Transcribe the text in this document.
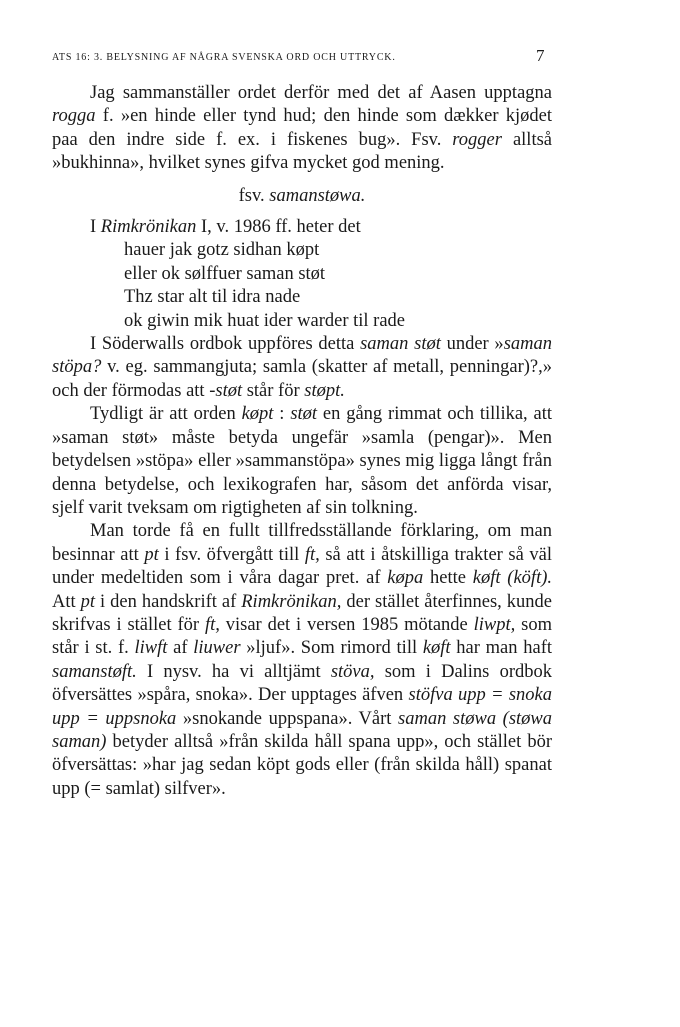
ATS 16: 3. BELYSNING AF NÅGRA SVENSKA ORD OCH UTTRYCK.	7

Jag sammanställer ordet derför med det af Aasen upptagna rogga f. »en hinde eller tynd hud; den hinde som dækker kjødet paa den indre side f. ex. i fiskenes bug». Fsv. rogger alltså »bukhinna», hvilket synes gifva mycket god mening.

fsv. samanstøwa.

I Rimkrönikan I, v. 1986 ff. heter det

hauer jak gotz sidhan køpt
eller ok sølffuer saman støt
Thz star alt til idra nade
ok giwin mik huat ider warder til rade

I Söderwalls ordbok uppföres detta saman støt under »saman stöpa? v. eg. sammangjuta; samla (skatter af metall, penningar)?,» och der förmodas att -støt står för støpt.

Tydligt är att orden køpt : støt en gång rimmat och tillika, att »saman støt» måste betyda ungefär »samla (pengar)». Men betydelsen »stöpa» eller »sammanstöpa» synes mig ligga långt från denna betydelse, och lexikografen har, såsom det anförda visar, sjelf varit tveksam om rigtigheten af sin tolkning.

Man torde få en fullt tillfredsställande förklaring, om man besinnar att pt i fsv. öfvergått till ft, så att i åtskilliga trakter så väl under medeltiden som i våra dagar pret. af køpa hette køft (köft). Att pt i den handskrift af Rimkrönikan, der stället återfinnes, kunde skrifvas i stället för ft, visar det i versen 1985 mötande liwpt, som står i st. f. liwft af liuwer »ljuf». Som rimord till køft har man haft samanstøft. I nysv. ha vi alltjämt stöva, som i Dalins ordbok öfversättes »spåra, snoka». Der upptages äfven stöfva upp = snoka upp = uppsnoka »snokande uppspana». Vårt saman støwa (støwa saman) betyder alltså »från skilda håll spana upp», och stället bör öfversättas: »har jag sedan köpt gods eller (från skilda håll) spanat upp (= samlat) silfver».
